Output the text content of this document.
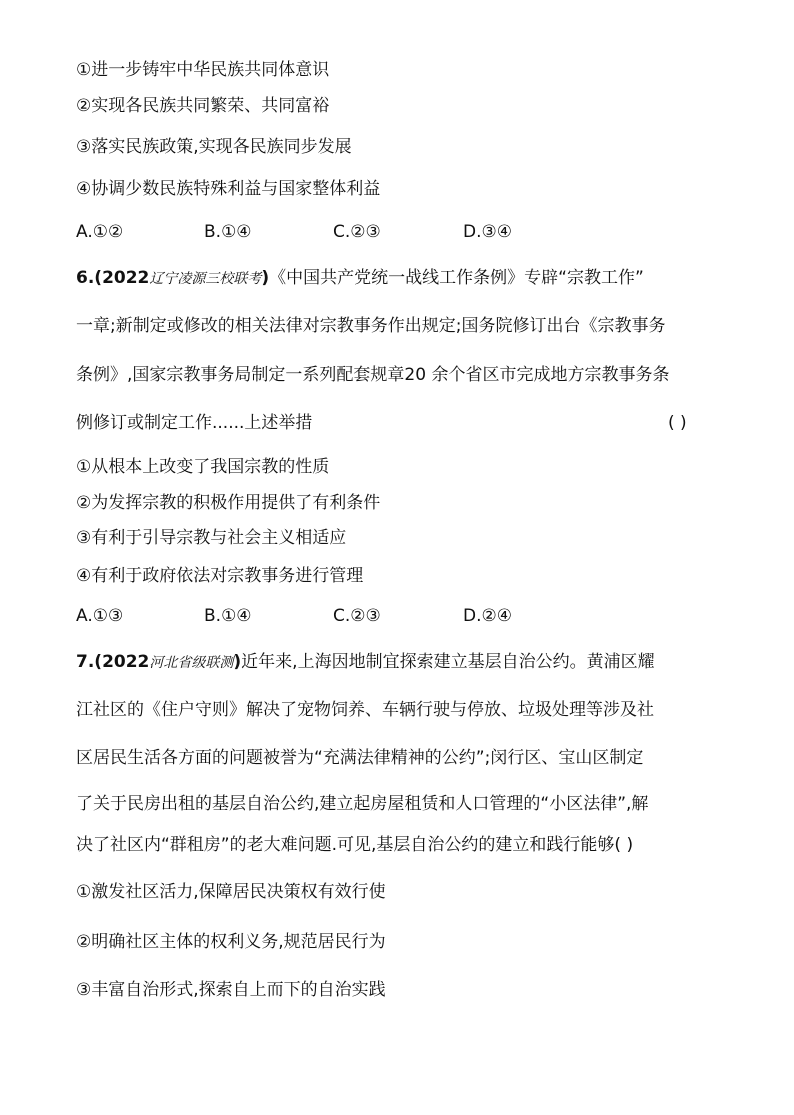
①进一步铸牢中华民族共同体意识
②实现各民族共同繁荣、共同富裕
③落实民族政策,实现各民族同步发展
④协调少数民族特殊利益与国家整体利益
A.①②	B.①④	C.②③	D.③④
6.(2022辽宁凌源三校联考)《中国共产党统一战线工作条例》专辟“宗教工作”
一章;新制定或修改的相关法律对宗教事务作出规定;国务院修订出台《宗教事务
条例》,国家宗教事务局制定一系列配套规章20 余个省区市完成地方宗教事务条
例修订或制定工作......上述举措	( )
①从根本上改变了我国宗教的性质
②为发挥宗教的积极作用提供了有利条件
③有利于引导宗教与社会主义相适应
④有利于政府依法对宗教事务进行管理
A.①③	B.①④	C.②③	D.②④
7.(2022河北省级联测)近年来,上海因地制宜探索建立基层自治公约。黄浦区耀
江社区的《住户守则》解决了宠物饲养、车辆行驶与停放、垃圾处理等涉及社
区居民生活各方面的问题被誉为“充满法律精神的公约”;闵行区、宝山区制定
了关于民房出租的基层自治公约,建立起房屋租赁和人口管理的“小区法律”,解
决了社区内“群租房”的老大难问题.可见,基层自治公约的建立和践行能够( )
①激发社区活力,保障居民决策权有效行使
②明确社区主体的权利义务,规范居民行为
③丰富自治形式,探索自上而下的自治实践
